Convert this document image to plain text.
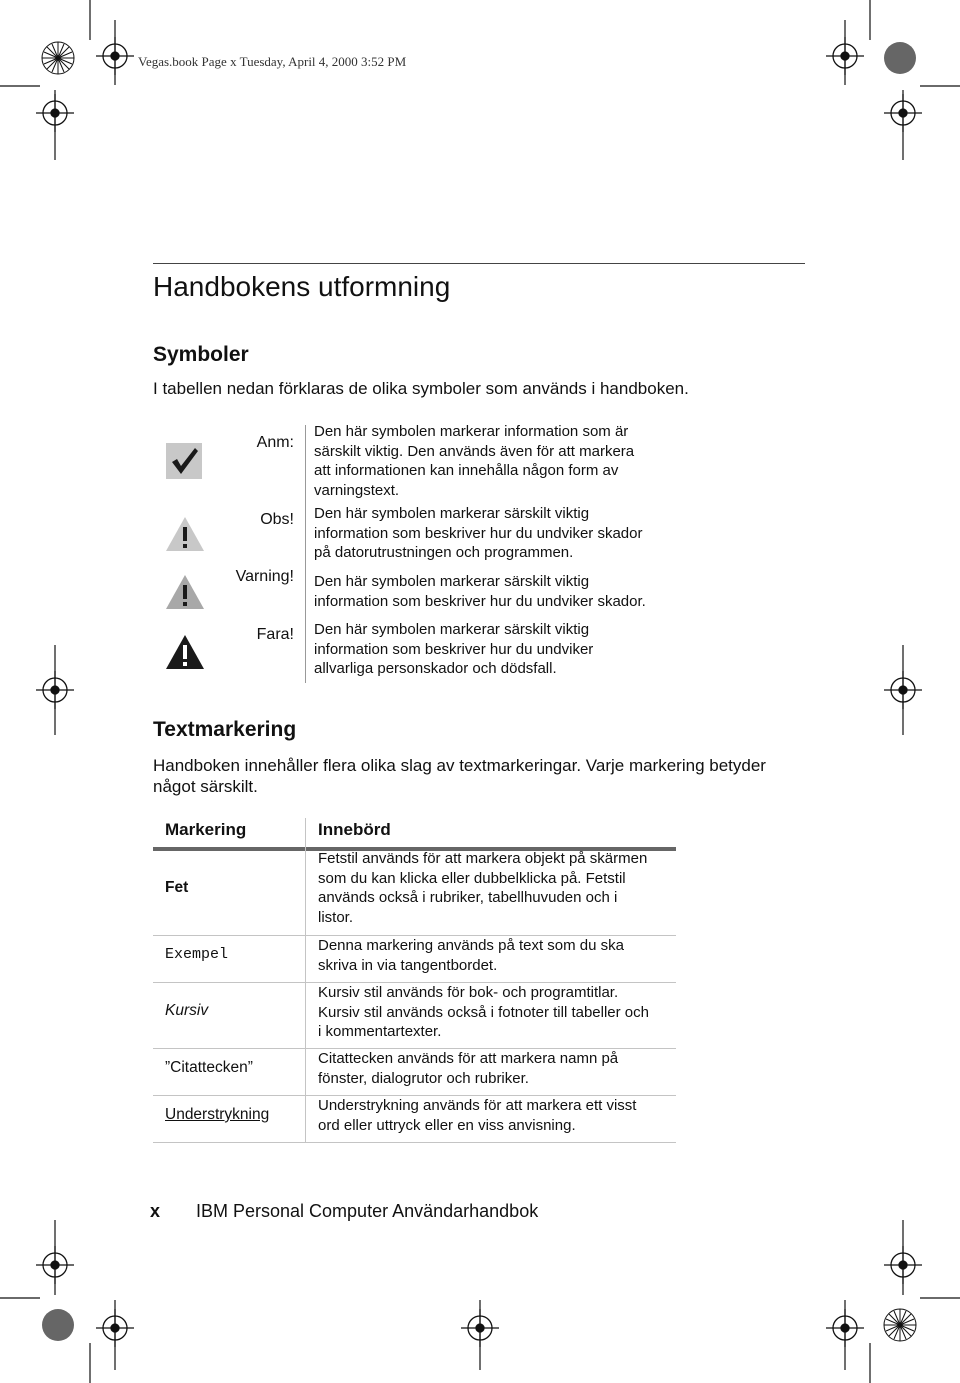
Vegas.book Page x Tuesday, April 4, 2000 3:52 PM
Handbokens utformning
Symboler
I tabellen nedan förklaras de olika symboler som används i handboken.
Anm:
Obs!
Varning!
Fara!
Den här symbolen markerar information som är
särskilt viktig. Den används även för att markera
att informationen kan innehålla någon form av
varningstext.
Den här symbolen markerar särskilt viktig
information som beskriver hur du undviker skador
på datorutrustningen och programmen.
Den här symbolen markerar särskilt viktig
information som beskriver hur du undviker skador.
Den här symbolen markerar särskilt viktig
information som beskriver hur du undviker
allvarliga personskador och dödsfall.
Textmarkering
Handboken innehåller flera olika slag av textmarkeringar. Varje markering betyder
något särskilt.
Markering	Innebörd
Fet
Fetstil används för att markera objekt på skärmen
som du kan klicka eller dubbelklicka på. Fetstil
används också i rubriker, tabellhuvuden och i
listor.
Exempel
Denna markering används på text som du ska
skriva in via tangentbordet.
Kursiv
Kursiv stil används för bok- och programtitlar.
Kursiv stil används också i fotnoter till tabeller och
i kommentartexter.
”Citattecken”
Citattecken används för att markera namn på
fönster, dialogrutor och rubriker.
Understrykning
Understrykning används för att markera ett visst
ord eller uttryck eller en viss anvisning.
x IBM Personal Computer Användarhandbok
